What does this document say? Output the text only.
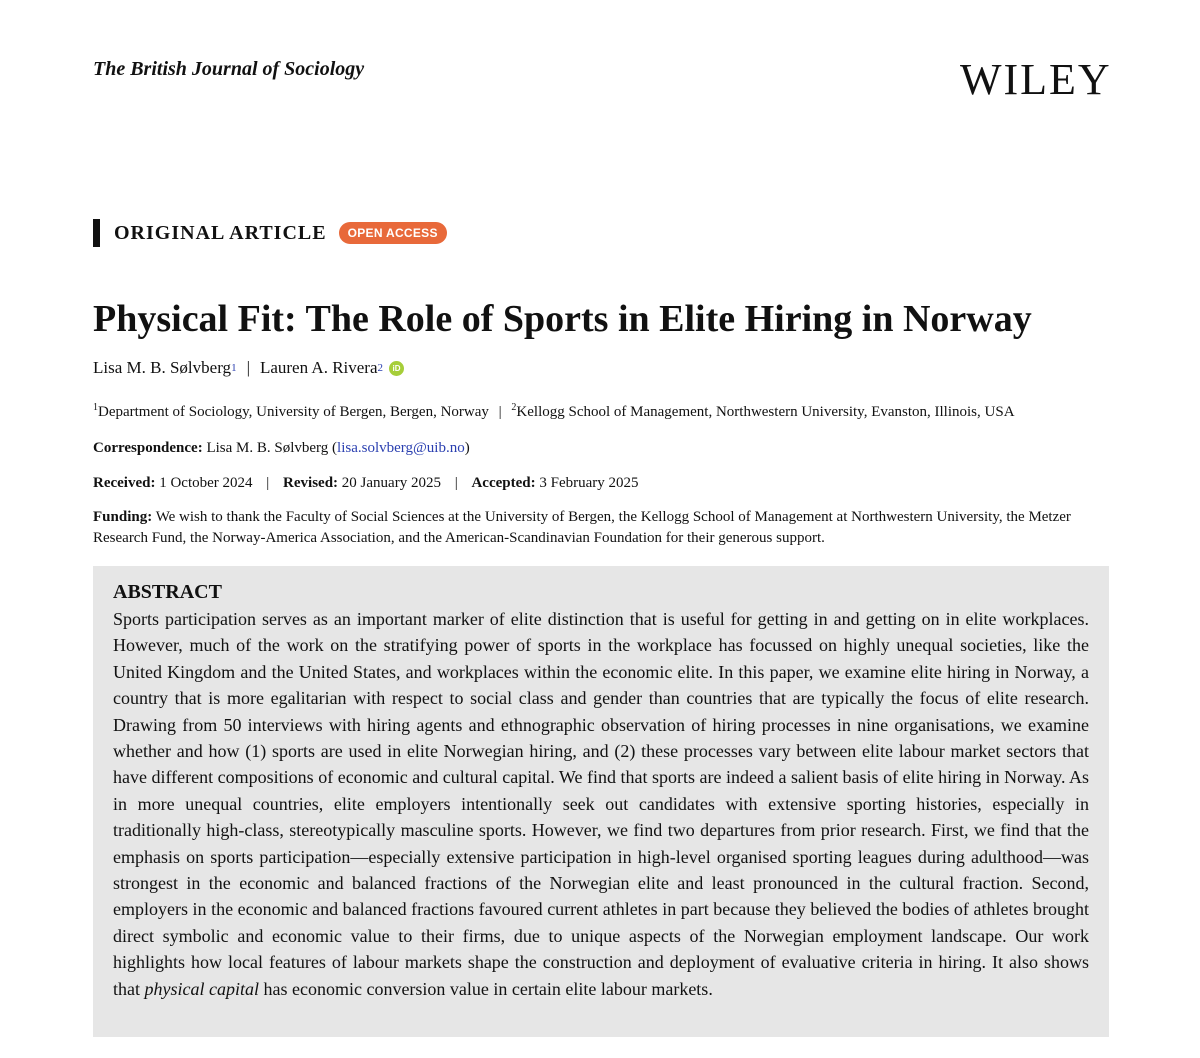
The British Journal of Sociology	WILEY
ORIGINAL ARTICLE	OPEN ACCESS
Physical Fit: The Role of Sports in Elite Hiring in Norway
Lisa M. B. Sølvberg 1 | Lauren A. Rivera 2	iD
$^1$Department of Sociology, University of Bergen, Bergen, Norway | $^2$Kellogg School of Management, Northwestern University, Evanston, Illinois, USA
Correspondence: Lisa M. B. Sølvberg (lisa.solvberg@uib.no)
Received: 1 October 2024 | Revised: 20 January 2025 | Accepted: 3 February 2025
Funding: We wish to thank the Faculty of Social Sciences at the University of Bergen, the Kellogg School of Management at Northwestern University, the Metzer Research Fund, the Norway-America Association, and the American-Scandinavian Foundation for their generous support.
ABSTRACT
Sports participation serves as an important marker of elite distinction that is useful for getting in and getting on in elite workplaces. However, much of the work on the stratifying power of sports in the workplace has focussed on highly unequal societies, like the United Kingdom and the United States, and workplaces within the economic elite. In this paper, we examine elite hiring in Norway, a country that is more egalitarian with respect to social class and gender than countries that are typically the focus of elite research. Drawing from 50 interviews with hiring agents and ethnographic observation of hiring processes in nine organisations, we examine whether and how (1) sports are used in elite Norwegian hiring, and (2) these processes vary between elite labour market sectors that have different compositions of economic and cultural capital. We find that sports are indeed a salient basis of elite hiring in Norway. As in more unequal countries, elite employers intentionally seek out candidates with extensive sporting histories, especially in traditionally high-class, stereotypically masculine sports. However, we find two departures from prior research. First, we find that the emphasis on sports participation—especially extensive participation in high-level organised sporting leagues during adulthood—was strongest in the economic and balanced fractions of the Norwegian elite and least pronounced in the cultural fraction. Second, employers in the economic and balanced fractions favoured current athletes in part because they believed the bodies of athletes brought direct symbolic and economic value to their firms, due to unique aspects of the Norwegian employment landscape. Our work highlights how local features of labour markets shape the construction and deployment of evaluative criteria in hiring. It also shows that physical capital has economic conversion value in certain elite labour markets.
